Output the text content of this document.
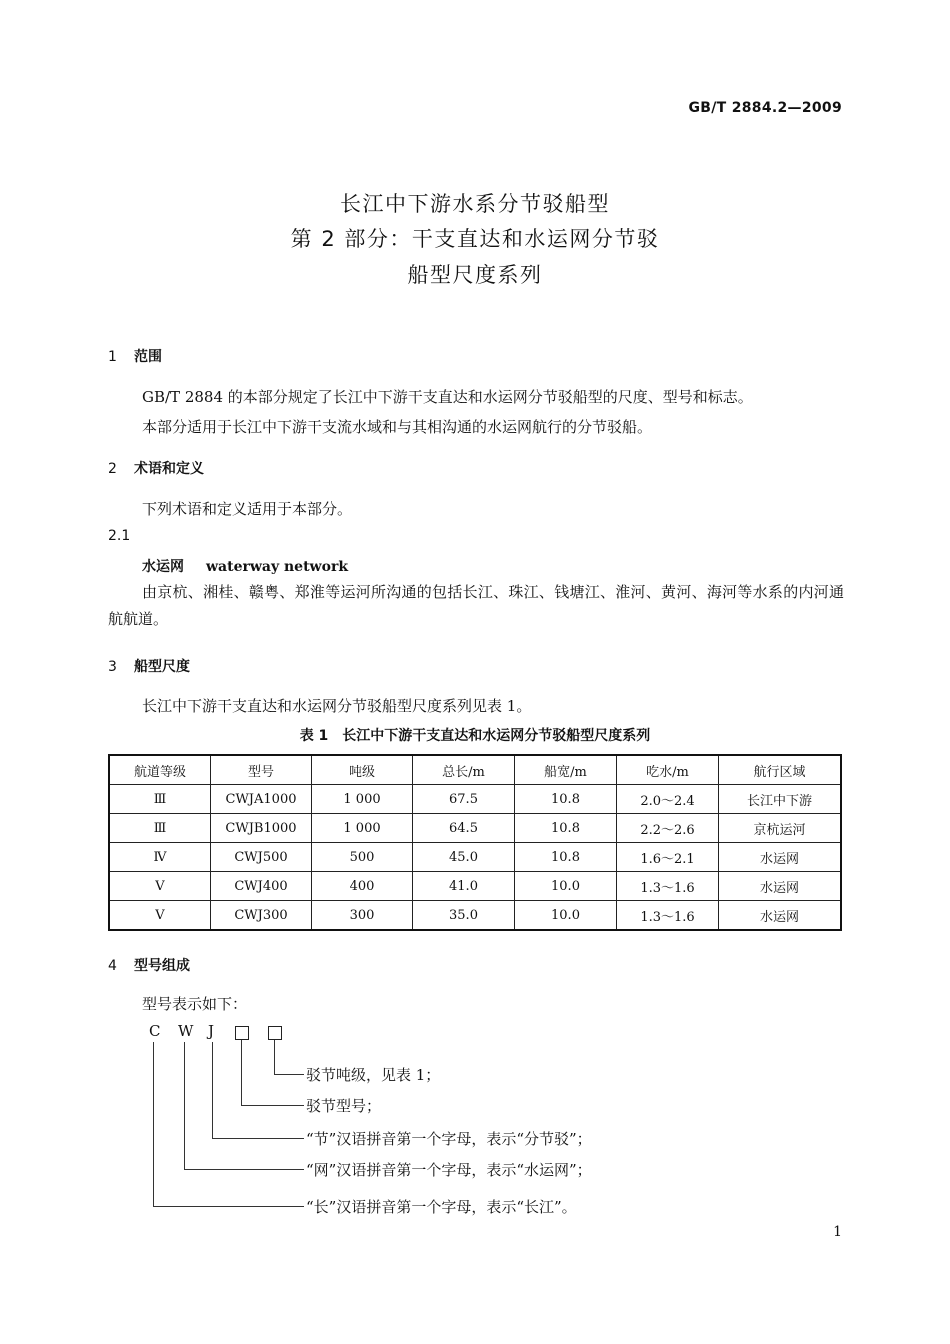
GB/T 2884.2—2009
长江中下游水系分节驳船型
第 2 部分：干支直达和水运网分节驳
船型尺度系列
1 范围
GB/T 2884 的本部分规定了长江中下游干支直达和水运网分节驳船型的尺度、型号和标志。
本部分适用于长江中下游干支流水域和与其相沟通的水运网航行的分节驳船。
2 术语和定义
下列术语和定义适用于本部分。
2.1
水运网 waterway network
由京杭、湘桂、赣粤、郑淮等运河所沟通的包括长江、珠江、钱塘江、淮河、黄河、海河等水系的内河通航航道。
3 船型尺度
长江中下游干支直达和水运网分节驳船型尺度系列见表 1。
表 1　长江中下游干支直达和水运网分节驳船型尺度系列
航道等级	型号	吨级	总长/m	船宽/m	吃水/m	航行区域
Ⅲ	CWJA1000	1 000	67.5	10.8	2.0～2.4	长江中下游
Ⅲ	CWJB1000	1 000	64.5	10.8	2.2～2.6	京杭运河
Ⅳ	CWJ500	500	45.0	10.8	1.6～2.1	水运网
Ⅴ	CWJ400	400	41.0	10.0	1.3～1.6	水运网
Ⅴ	CWJ300	300	35.0	10.0	1.3～1.6	水运网
4 型号组成
型号表示如下：
C W J
驳节吨级，见表 1；
驳节型号；
“节”汉语拼音第一个字母，表示“分节驳”；
“网”汉语拼音第一个字母，表示“水运网”；
“长”汉语拼音第一个字母，表示“长江”。
1
